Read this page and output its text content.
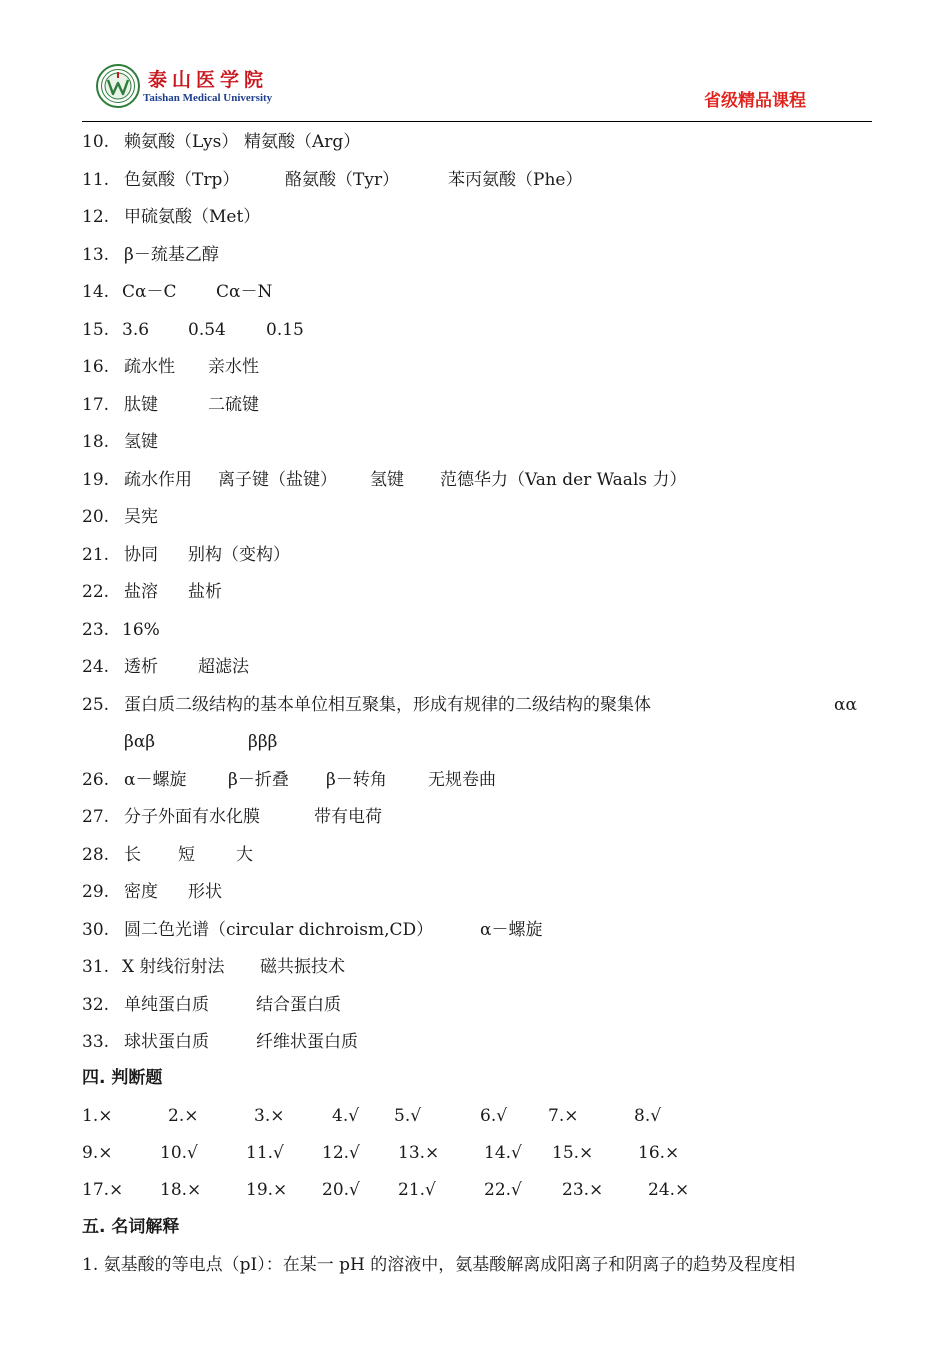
泰山医学院
Taishan Medical University	省级精品课程
10. 赖氨酸（Lys） 精氨酸（Arg）
11. 色氨酸（Trp）	酪氨酸（Tyr）	苯丙氨酸（Phe）
12. 甲硫氨酸（Met）
13. β－巯基乙醇
14. Cα－C Cα－N
15. 3.6 0.54 0.15
16. 疏水性 亲水性
17. 肽键	二硫键
18. 氢键
19. 疏水作用 离子键（盐键） 氢键 范德华力（Van der Waals 力）
20. 吴宪
21. 协同 别构（变构）
22. 盐溶 盐析
23. 16%
24. 透析 超滤法
25. 蛋白质二级结构的基本单位相互聚集，形成有规律的二级结构的聚集体	αα
βαβ	βββ
26. α－螺旋 β－折叠 β－转角 无规卷曲
27. 分子外面有水化膜	带有电荷
28. 长 短 大
29. 密度 形状
30. 圆二色光谱（circular dichroism,CD）	α－螺旋
31. X 射线衍射法 磁共振技术
32. 单纯蛋白质	结合蛋白质
33. 球状蛋白质	纤维状蛋白质
四. 判断题
1.×	2.×	3.×	4.√ 5.√	6.√ 7.×	8.√
9.×	10.√	11.√ 12.√ 13.×	14.√ 15.×	16.×
17.× 18.×	19.× 20.√ 21.√	22.√ 23.×	24.×
五. 名词解释
1. 氨基酸的等电点（pI）：在某一 pH 的溶液中，氨基酸解离成阳离子和阴离子的趋势及程度相
